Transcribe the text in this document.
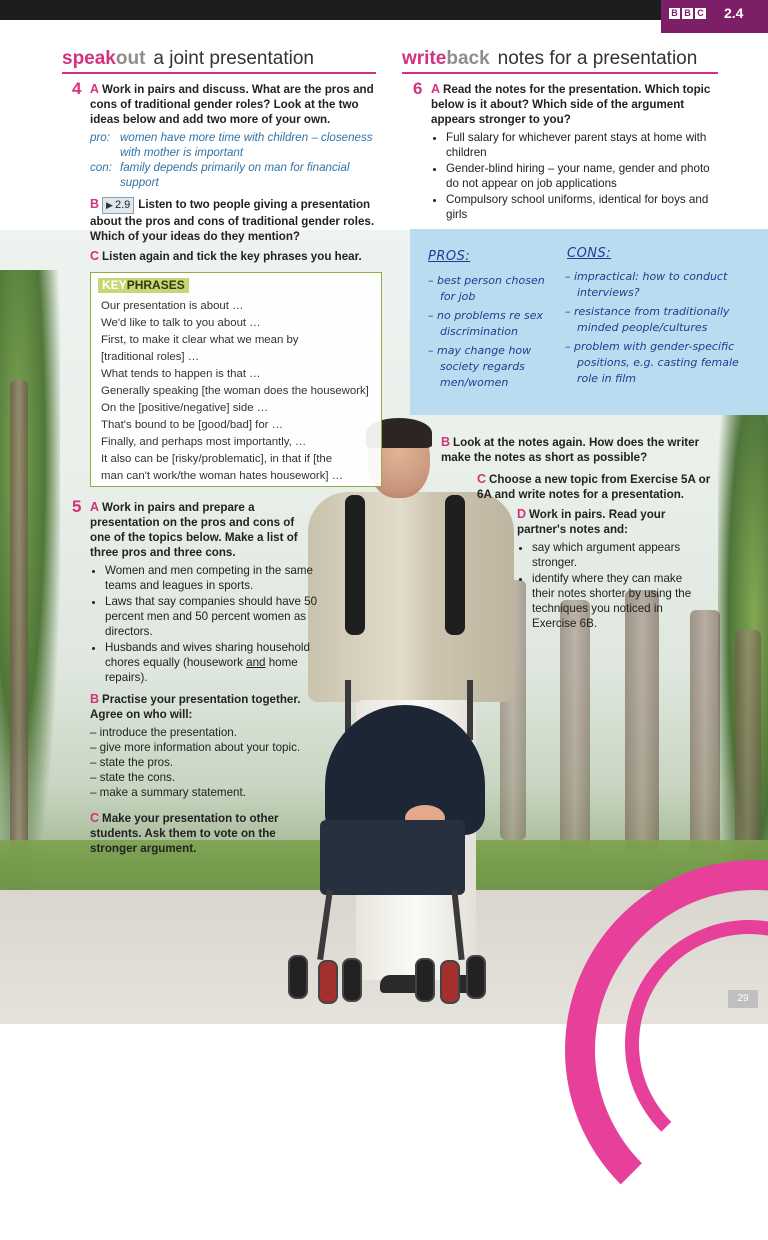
B B C 2.4
speakout a joint presentation	writeback notes for a presentation
4 A Work in pairs and discuss. What are the pros and cons of traditional gender roles? Look at the two ideas below and add two more of your own.
pro: women have more time with children – closeness with mother is important
con: family depends primarily on man for financial support
B ▶ 2.9 Listen to two people giving a presentation about the pros and cons of traditional gender roles. Which of your ideas do they mention?
C Listen again and tick the key phrases you hear.
KEYPHRASES
Our presentation is about …
We'd like to talk to you about …
First, to make it clear what we mean by
[traditional roles] …
What tends to happen is that …
Generally speaking [the woman does the housework]
On the [positive/negative] side …
That's bound to be [good/bad] for …
Finally, and perhaps most importantly, …
It also can be [risky/problematic], in that if [the
man can't work/the woman hates housework] …
5 A Work in pairs and prepare a presentation on the pros and cons of one of the topics below. Make a list of three pros and three cons.
• Women and men competing in the same teams and leagues in sports.
• Laws that say companies should have 50 percent men and 50 percent women as directors.
• Husbands and wives sharing household chores equally (housework and home repairs).
B Practise your presentation together. Agree on who will:
– introduce the presentation.
– give more information about your topic.
– state the pros.
– state the cons.
– make a summary statement.
C Make your presentation to other students. Ask them to vote on the stronger argument.
6 A Read the notes for the presentation. Which topic below is it about? Which side of the argument appears stronger to you?
• Full salary for whichever parent stays at home with children
• Gender-blind hiring – your name, gender and photo do not appear on job applications
• Compulsory school uniforms, identical for boys and girls
PROS:
– best person chosen
for job
– no problems re sex
discrimination
– may change how
society regards
men/women
CONS:
– impractical: how to conduct
interviews?
– resistance from traditionally
minded people/cultures
– problem with gender-specific
positions, e.g. casting female
role in film
B Look at the notes again. How does the writer make the notes as short as possible?
C Choose a new topic from Exercise 5A or 6A and write notes for a presentation.
D Work in pairs. Read your partner's notes and:
• say which argument appears stronger.
• identify where they can make their notes shorter by using the techniques you noticed in Exercise 6B.
29
